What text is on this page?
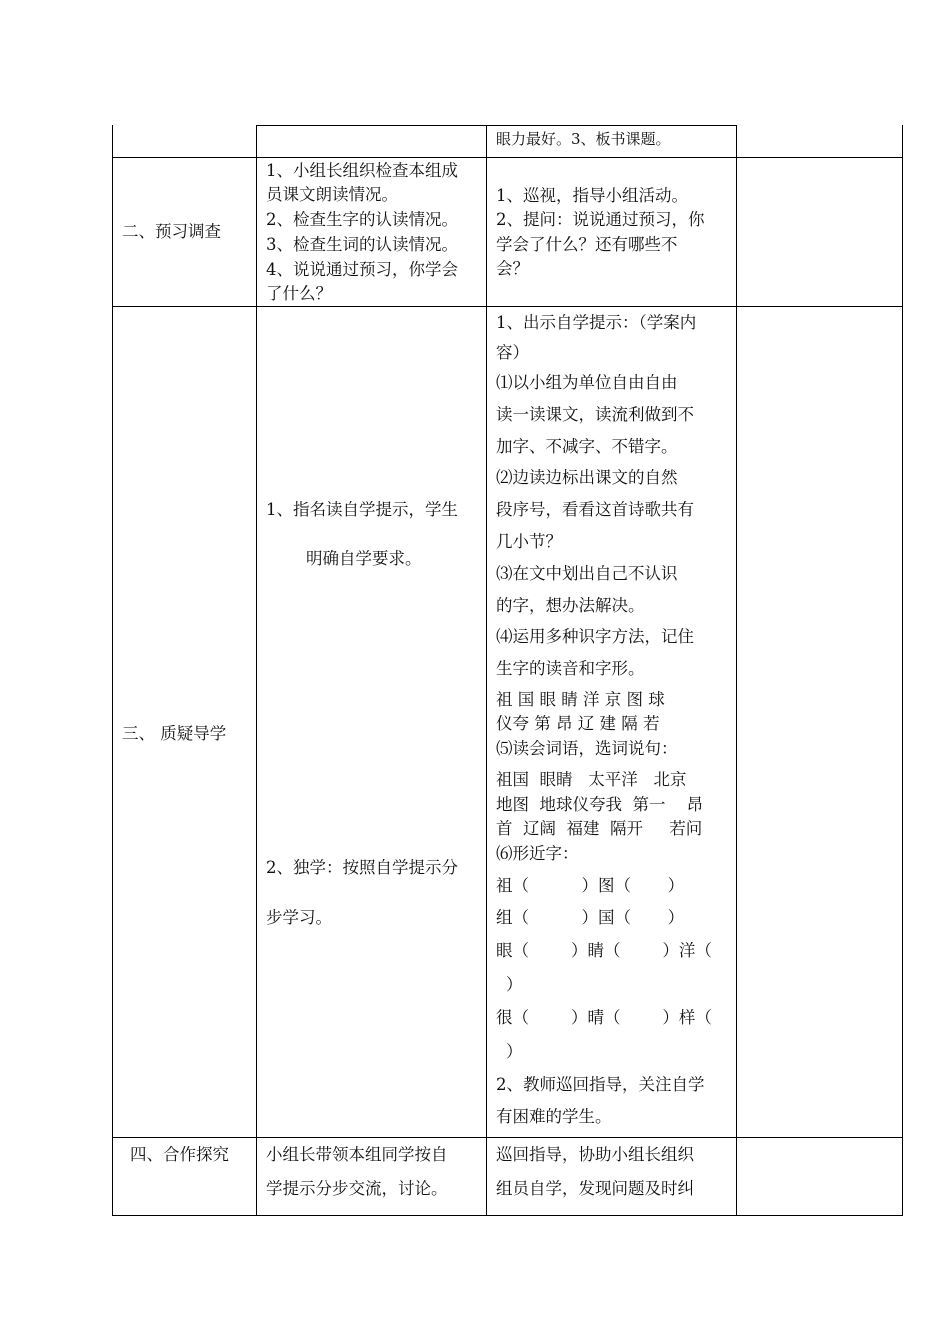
眼力最好。3、板书课题。
二、预习调查
1、小组长组织检查本组成
员课文朗读情况。
2、检查生字的认读情况。
3、检查生词的认读情况。
4、说说通过预习，你学会
了什么？
1、巡视，指导小组活动。
2、提问：说说通过预习，你
学会了什么？还有哪些不
会？
三、 质疑导学
1、指名读自学提示，学生
明确自学要求。
2、独学：按照自学提示分
步学习。
1、出示自学提示：（学案内
容）
⑴以小组为单位自由自由
读一读课文，读流利做到不
加字、不减字、不错字。
⑵边读边标出课文的自然
段序号，看看这首诗歌共有
几小节？
⑶在文中划出自己不认识
的字，想办法解决。
⑷运用多种识字方法，记住
生字的读音和字形。
祖 国 眼 睛 洋 京 图 球
仪夸 第 昂 辽 建 隔 若
⑸读会词语，选词说句：
祖国  眼睛   太平洋   北京
地图  地球仪夸我  第一    昂
首  辽阔  福建  隔开     若问
⑹形近字：
祖（          ）图（       ）
组（          ）国（       ）
眼（        ）睛（        ）洋（
）
很（        ）晴（        ）样（
）
2、教师巡回指导，关注自学
有困难的学生。
四、合作探究 小组长带领本组同学按自
学提示分步交流，讨论。
巡回指导，协助小组长组织
组员自学，发现问题及时纠
